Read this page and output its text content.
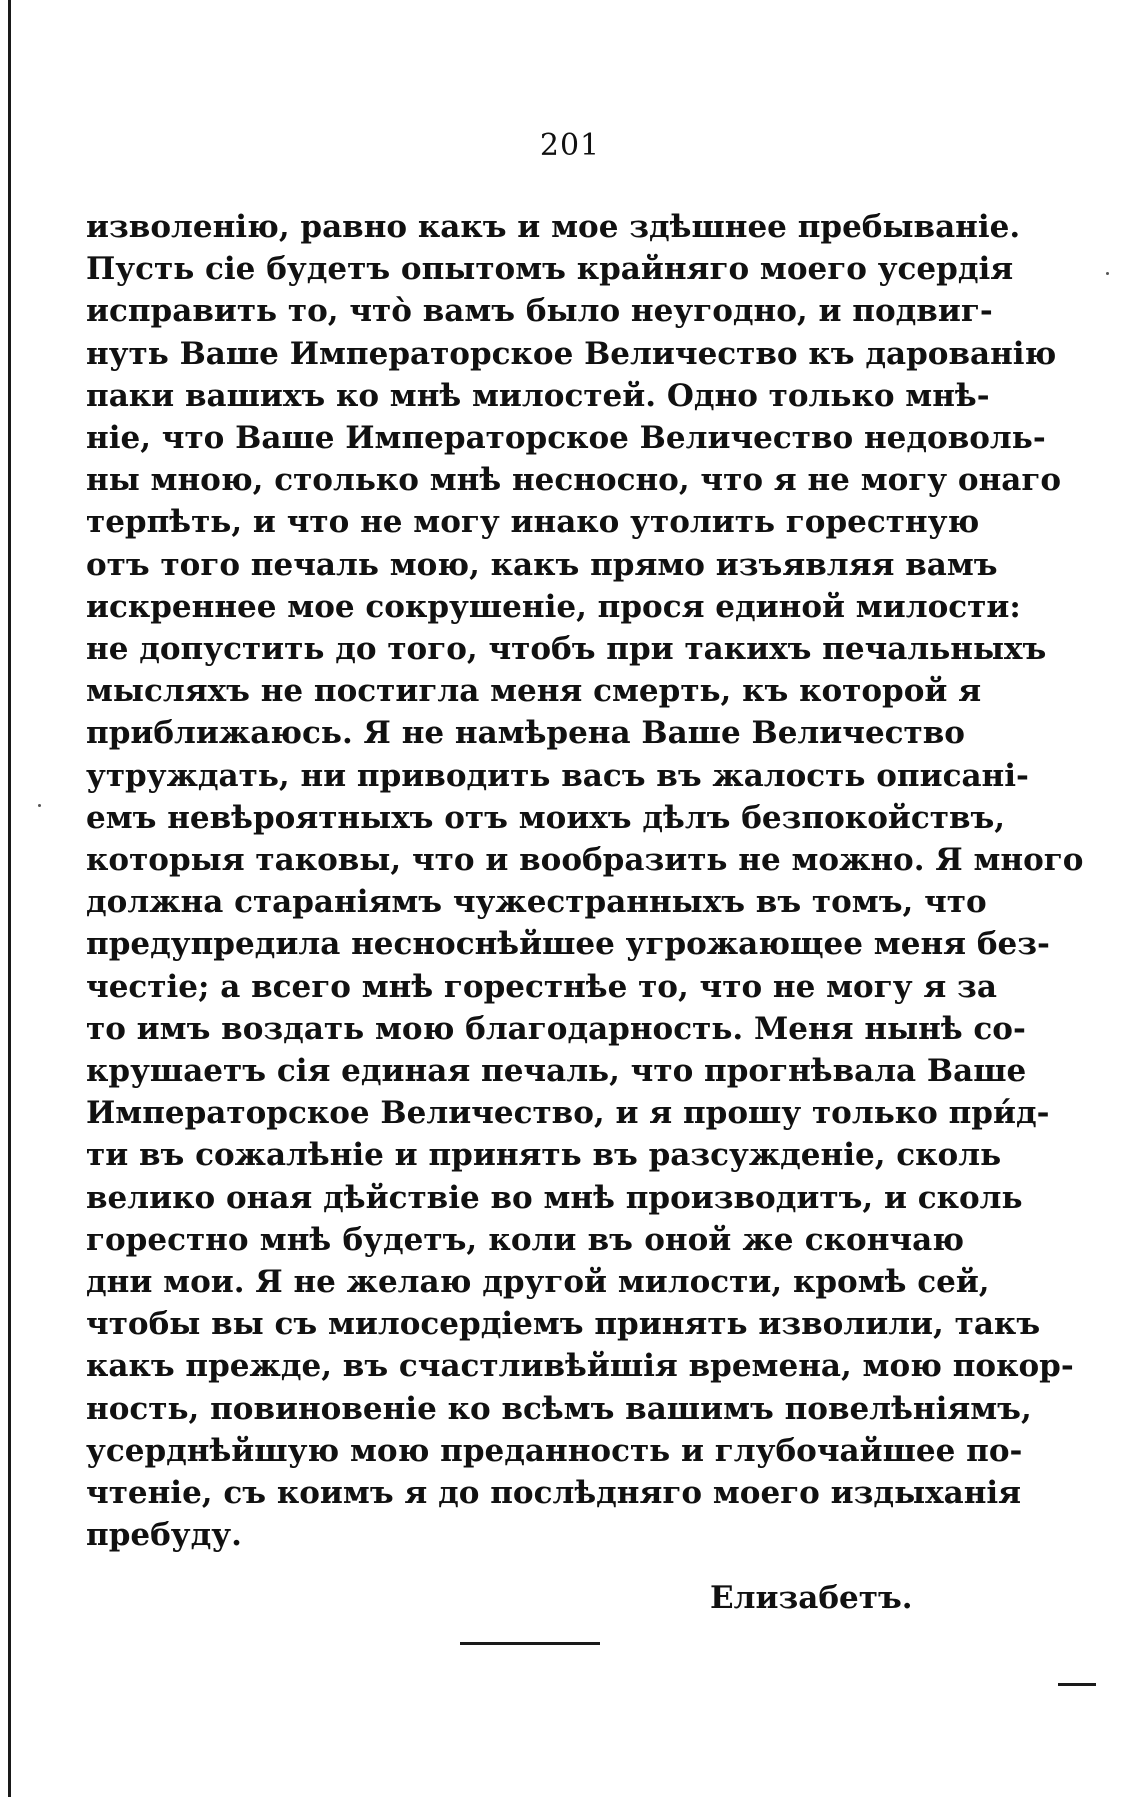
201
изволенію, равно какъ и мое здѣшнее пребываніе.
Пусть сіе будетъ опытомъ крайняго моего усердія
исправить то, что̀ вамъ было неугодно, и подвиг-
нуть Ваше Императорское Величество къ дарованію
паки вашихъ ко мнѣ милостей. Одно только мнѣ-
ніе, что Ваше Императорское Величество недоволь-
ны мною, столько мнѣ несносно, что я не могу онаго
терпѣть, и что не могу инако утолить горестную
отъ того печаль мою, какъ прямо изъявляя вамъ
искреннее мое сокрушеніе, прося единой милости:
не допустить до того, чтобъ при такихъ печальныхъ
мысляхъ не постигла меня смерть, къ которой я
приближаюсь. Я не намѣрена Ваше Величество
утруждать, ни приводить васъ въ жалость описані-
емъ невѣроятныхъ отъ моихъ дѣлъ безпокойствъ,
которыя таковы, что и вообразить не можно. Я много
должна стараніямъ чужестранныхъ въ томъ, что
предупредила несноснѣйшее угрожающее меня без-
честіе; а всего мнѣ горестнѣе то, что не могу я за
то имъ воздать мою благодарность. Меня нынѣ со-
крушаетъ сія единая печаль, что прогнѣвала Ваше
Императорское Величество, и я прошу только при́д-
ти въ сожалѣніе и принять въ разсужденіе, сколь
велико оная дѣйствіе во мнѣ производитъ, и сколь
горестно мнѣ будетъ, коли въ оной же скончаю
дни мои. Я не желаю другой милости, кромѣ сей,
чтобы вы съ милосердіемъ принять изволили, такъ
какъ прежде, въ счастливѣйшія времена, мою покор-
ность, повиновеніе ко всѣмъ вашимъ повелѣніямъ,
усерднѣйшую мою преданность и глубочайшее по-
чтеніе, съ коимъ я до послѣдняго моего издыханія
пребуду.
Елизабетъ.
